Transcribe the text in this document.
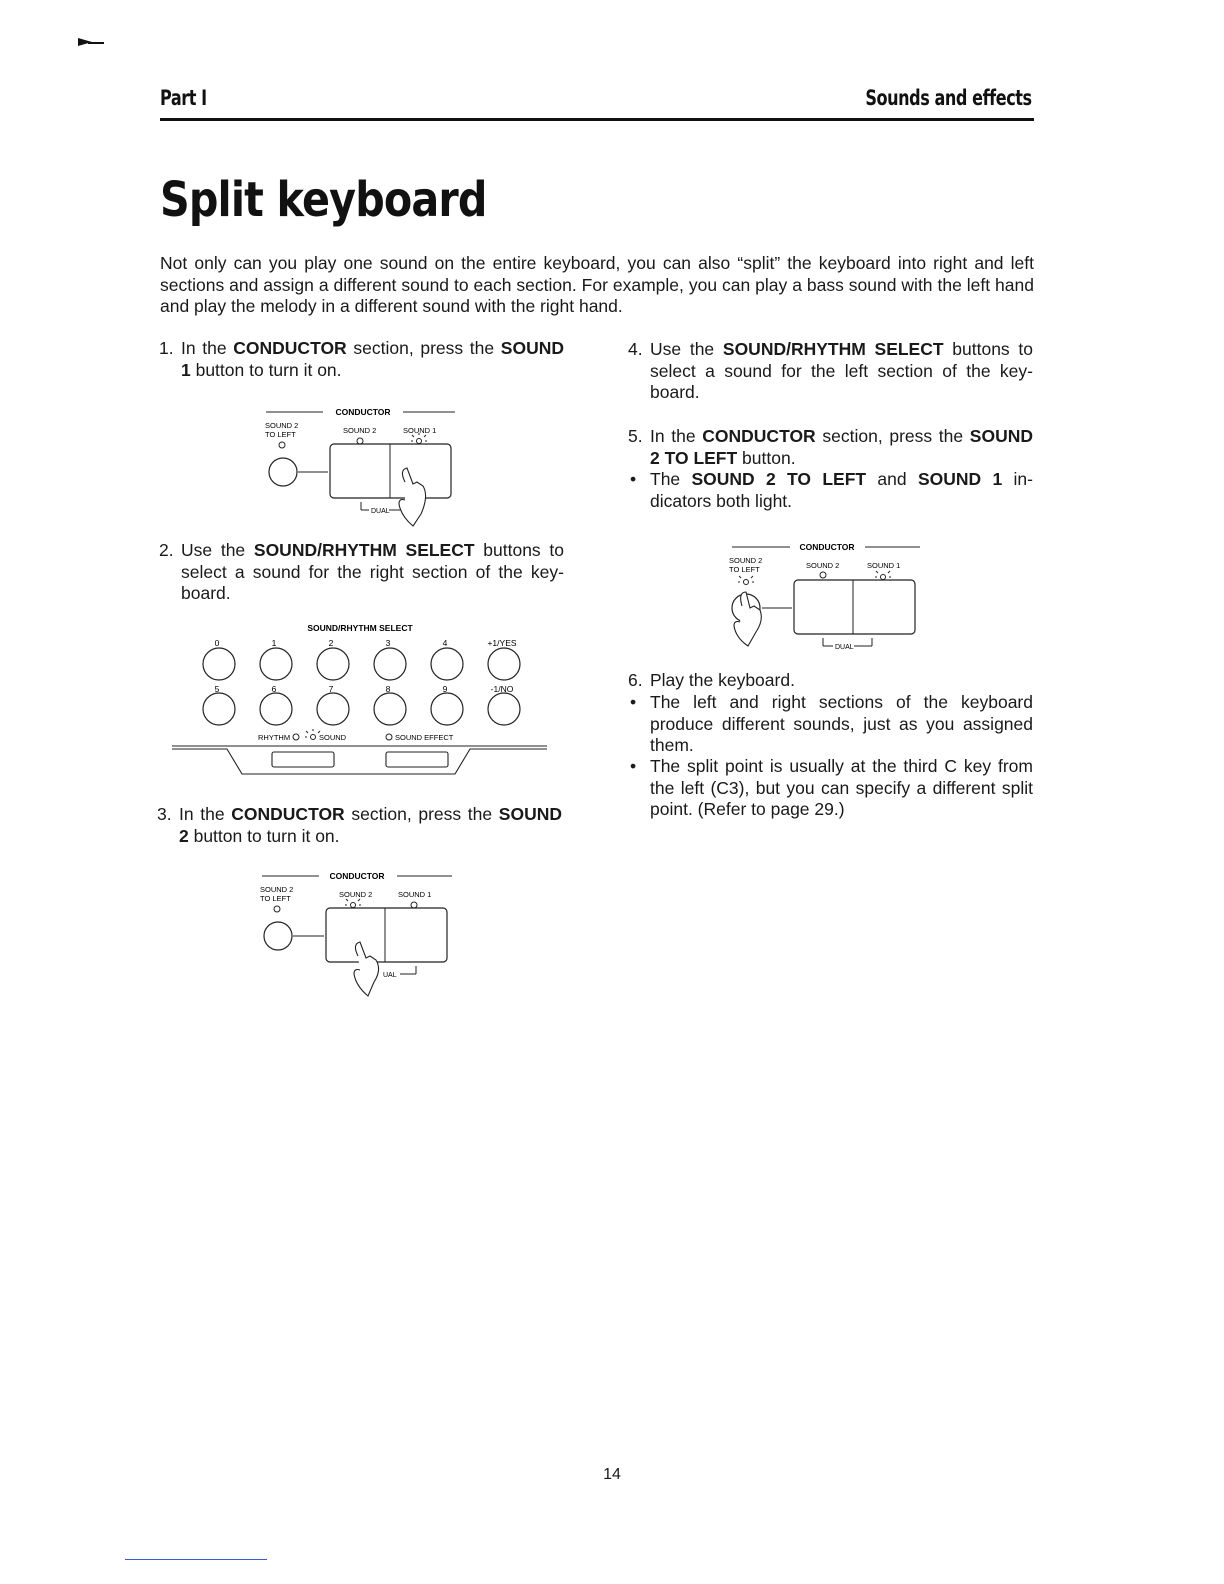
Part I	Sounds and effects
Split keyboard

Not only can you play one sound on the entire keyboard, you can also “split” the keyboard into right and left sections and assign a different sound to each section. For example, you can play a bass sound with the left hand and play the melody in a different sound with the right hand.

1. In the CONDUCTOR section, press the SOUND 1 button to turn it on.

2. Use the SOUND/RHYTHM SELECT buttons to select a sound for the right section of the key-board.

3. In the CONDUCTOR section, press the SOUND 2 button to turn it on.

4. Use the SOUND/RHYTHM SELECT buttons to select a sound for the left section of the key-board.

5. In the CONDUCTOR section, press the SOUND 2 TO LEFT button.

• The SOUND 2 TO LEFT and SOUND 1 in-dicators both light.

6. Play the keyboard.

• The left and right sections of the keyboard produce different sounds, just as you assigned them.

• The split point is usually at the third C key from the left (C3), but you can specify a different split point. (Refer to page 29.)

CONDUCTOR
SOUND 2
TO LEFT	SOUND 2	SOUND 1
DUAL
SOUND/RHYTHM SELECT
0	1	2	3	4	+1/YES
5	6	7	8	9	-1/NO
RHYTHM	SOUND	SOUND EFFECT
CONDUCTOR
SOUND 2
TO LEFT	SOUND 2	SOUND 1
UAL
CONDUCTOR
SOUND 2
TO LEFT	SOUND 2	SOUND 1
DUAL
14
